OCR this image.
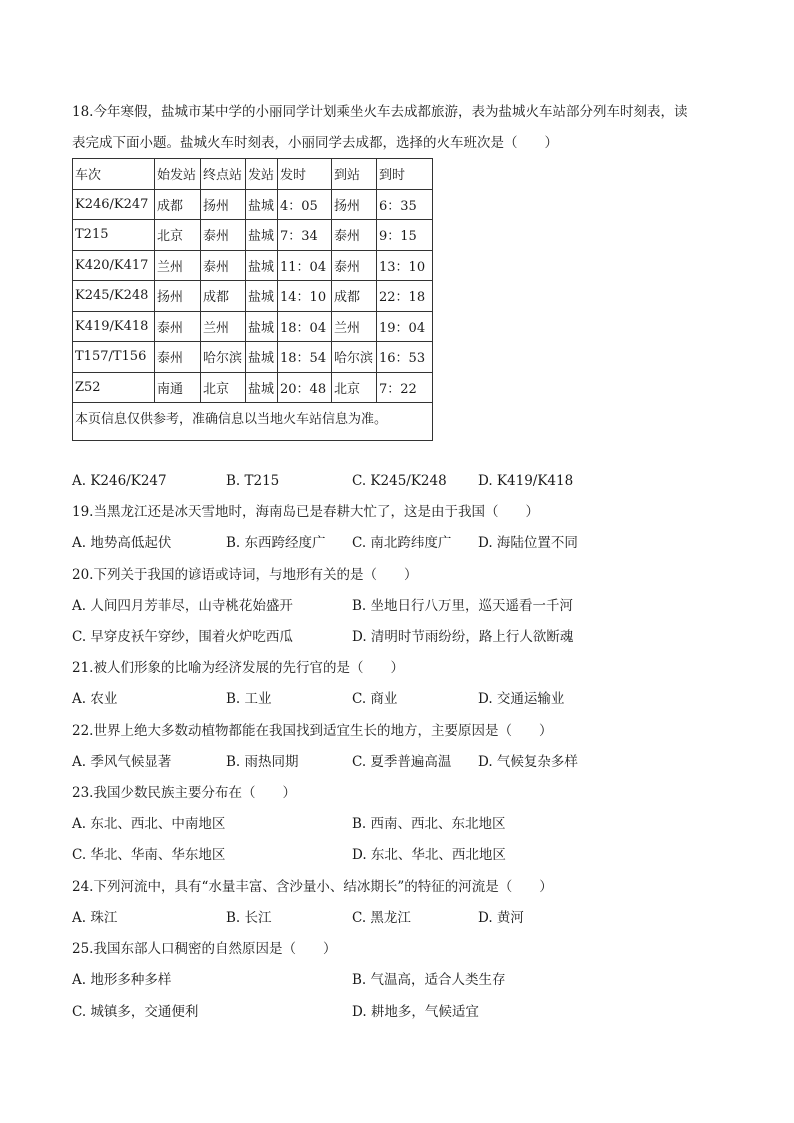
18.今年寒假，盐城市某中学的小丽同学计划乘坐火车去成都旅游，表为盐城火车站部分列车时刻表，读
表完成下面小题。盐城火车时刻表，小丽同学去成都，选择的火车班次是（　　）
车次	始发站	终点站	发站	发时	到站	到时
K246/K247	成都	扬州	盐城	4：05	扬州	6：35
T215	北京	泰州	盐城	7：34	泰州	9：15
K420/K417	兰州	泰州	盐城	11：04	泰州	13：10
K245/K248	扬州	成都	盐城	14：10	成都	22：18
K419/K418	泰州	兰州	盐城	18：04	兰州	19：04
T157/T156	泰州	哈尔滨	盐城	18：54	哈尔滨	16：53
Z52	南通	北京	盐城	20：48	北京	7：22
本页信息仅供参考，准确信息以当地火车站信息为准。						
A. K246/K247	B. T215	C. K245/K248 D. K419/K418
19.当黑龙江还是冰天雪地时，海南岛已是春耕大忙了，这是由于我国（　　）
A. 地势高低起伏	B. 东西跨经度广 C. 南北跨纬度广 D. 海陆位置不同
20.下列关于我国的谚语或诗词，与地形有关的是（　　）
A. 人间四月芳菲尽，山寺桃花始盛开	B. 坐地日行八万里，巡天遥看一千河
C. 早穿皮袄午穿纱，围着火炉吃西瓜	D. 清明时节雨纷纷，路上行人欲断魂
21.被人们形象的比喻为经济发展的先行官的是（　　）
A. 农业	B. 工业	C. 商业	D. 交通运输业
22.世界上绝大多数动植物都能在我国找到适宜生长的地方，主要原因是（　　）
A. 季风气候显著	B. 雨热同期	C. 夏季普遍高温 D. 气候复杂多样
23.我国少数民族主要分布在（　　）
A. 东北、西北、中南地区	B. 西南、西北、东北地区
C. 华北、华南、华东地区	D. 东北、华北、西北地区
24.下列河流中，具有“水量丰富、含沙量小、结冰期长”的特征的河流是（　　）
A. 珠江	B. 长江	C. 黑龙江	D. 黄河
25.我国东部人口稠密的自然原因是（　　）
A. 地形多种多样	B. 气温高，适合人类生存
C. 城镇多，交通便利	D. 耕地多，气候适宜
